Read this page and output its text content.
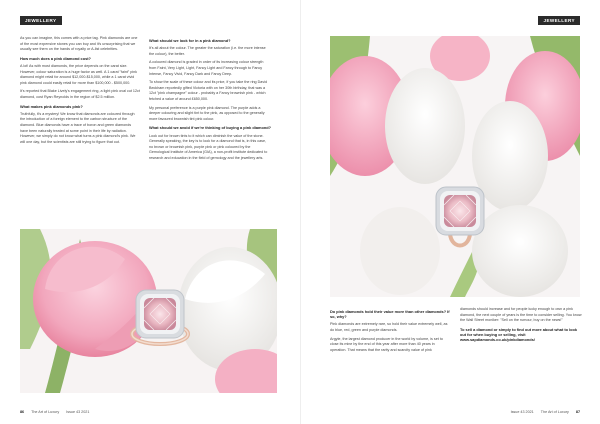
JEWELLERY

As you can imagine, this comes with a price tag. Pink diamonds are one of the most expensive stones you can buy and it's unsurprising that we usually see them on the hands of royalty or A-list celebrities.

How much does a pink diamond cost?

A lot! As with most diamonds, the price depends on the carat size. However, colour saturation is a huge factor as well. A 1 carat "faint" pink diamond might retail for around $12,000-$15,000, while a 1 carat vivid pink diamond could easily retail for more than $100,000 - $500,000.

It's reported that Blake Lively's engagement ring, a light pink oval cut 12ct diamond, cost Ryan Reynolds in the region of $2.5 million.

What makes pink diamonds pink?

Truthfully, it's a mystery! We know that diamonds are coloured through the introduction of a foreign element to the carbon structure of the diamond. Blue diamonds have a trace of boron and green diamonds have been naturally treated at some point in their life by radiation. However, we simply do not know what turns a pink diamond's pink. We will one day, but the scientists are still trying to figure that out.

What should we look for in a pink diamond?

It's all about the colour. The greater the saturation (i.e. the more intense the colour), the better.

A coloured diamond is graded in order of its increasing colour strength from Faint, Very Light, Light, Fancy Light and Fancy through to Fancy Intense, Fancy Vivid, Fancy Dark and Fancy Deep.

To show the scale of these colour and its price, if you take the ring David Beckham reportedly gifted Victoria with on her 30th birthday, that was a 12ct "pink champagne" colour - probably a Fancy brownish pink - which fetched a value of around £650,000.

My personal preference is a purple pink diamond. The purple adds a deeper colouring and slight tint to the pink, as opposed to the generally more favoured brownish tint pink colour.

What should we avoid if we're thinking of buying a pink diamond?

Look out for brown tints to it which can diminish the value of the stone. Generally speaking, the key is to look for a diamond that is, in this case, no brown or brownish pink, purple pink or pink coloured by the Gemological Institute of America (GIA), a non-profit institute dedicated to research and education in the field of gemology and the jewellery arts.

86 The Art of Luxury Issue 43 2021
JEWELLERY
Do pink diamonds hold their value more than other diamonds? If so, why?

Pink diamonds are extremely rare, so hold their value extremely well, as do blue, red, green and purple diamonds.

Argyle, the largest diamond producer in the world by volume, is set to close its mine by the end of this year after more than 40 years in operation. That means that the rarity and scarcity value of pink

diamonds should increase and for people lucky enough to own a pink diamond, the next couple of years is the time to consider selling. You know the Wall Street moniker: "Sell on the rumour, buy on the news!"

To sell a diamond or simply to find out more about what to look out for when buying or selling, visit www.sapdiamonds.co.uk/pinkdiamonds/
Issue 43 2021 The Art of Luxury 87
